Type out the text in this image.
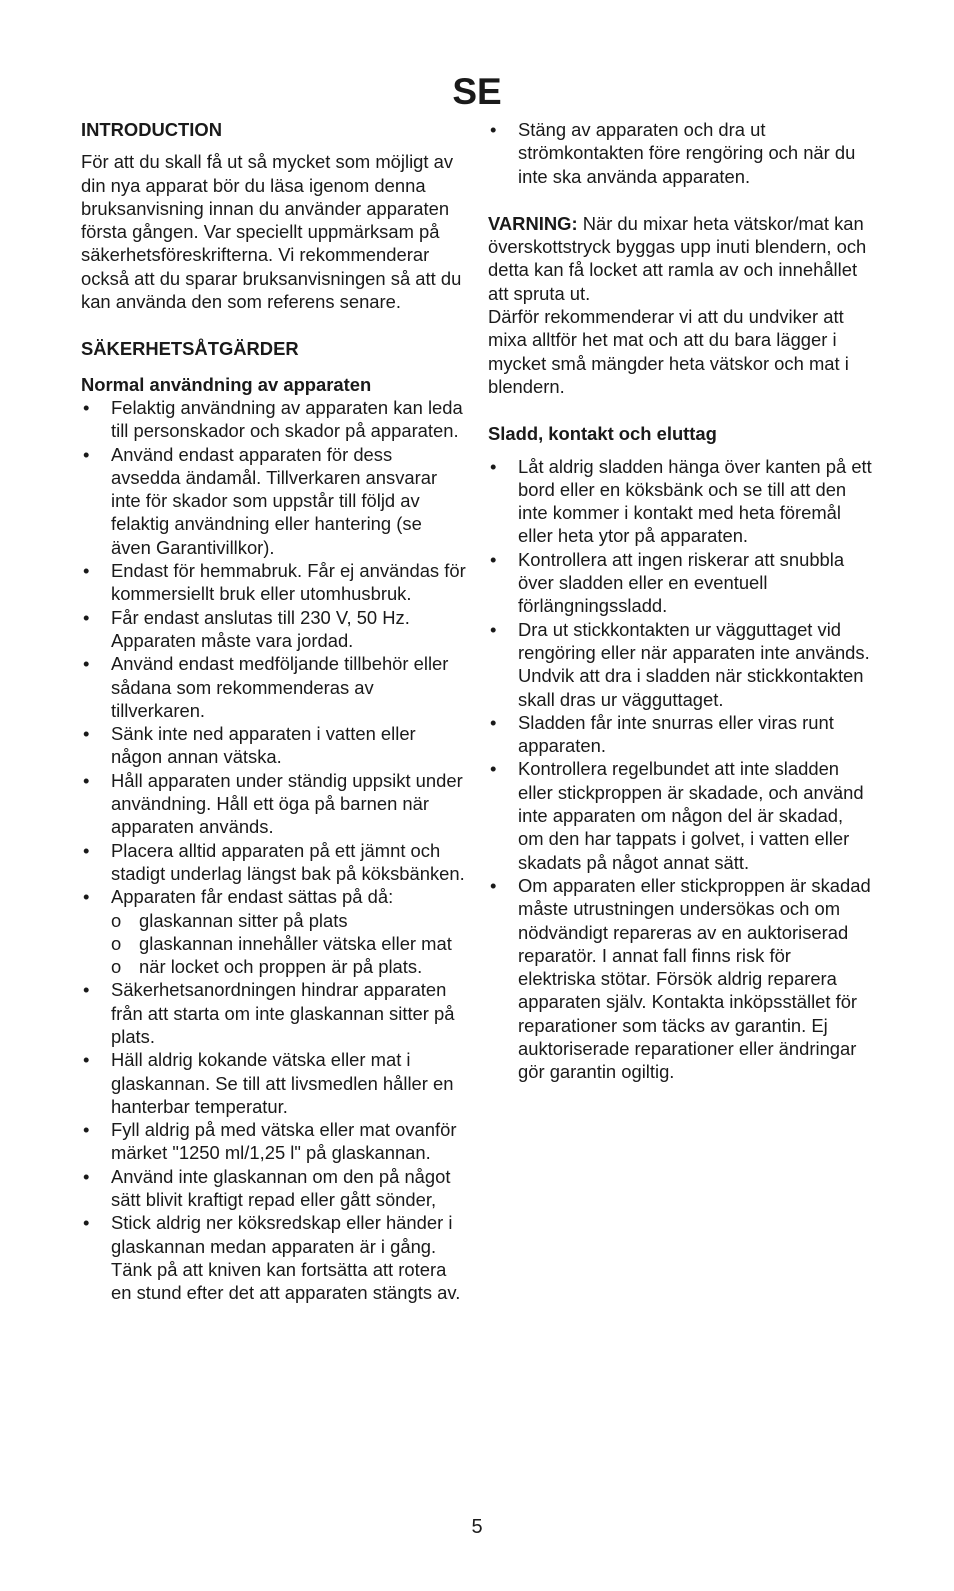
SE
INTRODUCTION

För att du skall få ut så mycket som möjligt av din nya apparat bör du läsa igenom denna bruksanvisning innan du använder apparaten första gången. Var speciellt uppmärksam på säkerhetsföreskrifterna. Vi rekommenderar också att du sparar bruksanvisningen så att du kan använda den som referens senare.

SÄKERHETSÅTGÄRDER
Normal användning av apparaten
• Felaktig användning av apparaten kan leda till personskador och skador på apparaten.
• Använd endast apparaten för dess avsedda ändamål. Tillverkaren ansvarar inte för skador som uppstår till följd av felaktig användning eller hantering (se även Garantivillkor).
• Endast för hemmabruk. Får ej användas för kommersiellt bruk eller utomhusbruk.
• Får endast anslutas till 230 V, 50 Hz. Apparaten måste vara jordad.
• Använd endast medföljande tillbehör eller sådana som rekommenderas av tillverkaren.
• Sänk inte ned apparaten i vatten eller någon annan vätska.
• Håll apparaten under ständig uppsikt under användning. Håll ett öga på barnen när apparaten används.
• Placera alltid apparaten på ett jämnt och stadigt underlag längst bak på köksbänken.
• Apparaten får endast sättas på då:
o glaskannan sitter på plats
o glaskannan innehåller vätska eller mat
o när locket och proppen är på plats.
• Säkerhetsanordningen hindrar apparaten från att starta om inte glaskannan sitter på plats.
• Häll aldrig kokande vätska eller mat i glaskannan. Se till att livsmedlen håller en hanterbar temperatur.
• Fyll aldrig på med vätska eller mat ovanför märket "1250 ml/1,25 l" på glaskannan.
• Använd inte glaskannan om den på något sätt blivit kraftigt repad eller gått sönder,
• Stick aldrig ner köksredskap eller händer i glaskannan medan apparaten är i gång. Tänk på att kniven kan fortsätta att rotera en stund efter det att apparaten stängts av.
• Stäng av apparaten och dra ut strömkontakten före rengöring och när du inte ska använda apparaten.

VARNING: När du mixar heta vätskor/mat kan överskottstryck byggas upp inuti blendern, och detta kan få locket att ramla av och innehållet att spruta ut.

Därför rekommenderar vi att du undviker att mixa alltför het mat och att du bara lägger i mycket små mängder heta vätskor och mat i blendern.

Sladd, kontakt och eluttag
• Låt aldrig sladden hänga över kanten på ett bord eller en köksbänk och se till att den inte kommer i kontakt med heta föremål eller heta ytor på apparaten.
• Kontrollera att ingen riskerar att snubbla över sladden eller en eventuell förlängningssladd.
• Dra ut stickkontakten ur vägguttaget vid rengöring eller när apparaten inte används. Undvik att dra i sladden när stickkontakten skall dras ur vägguttaget.
• Sladden får inte snurras eller viras runt apparaten.
• Kontrollera regelbundet att inte sladden eller stickproppen är skadade, och använd inte apparaten om någon del är skadad, om den har tappats i golvet, i vatten eller skadats på något annat sätt.
• Om apparaten eller stickproppen är skadad måste utrustningen undersökas och om nödvändigt repareras av en auktoriserad reparatör. I annat fall finns risk för elektriska stötar. Försök aldrig reparera apparaten själv. Kontakta inköpsstället för reparationer som täcks av garantin. Ej auktoriserade reparationer eller ändringar gör garantin ogiltig.
5
